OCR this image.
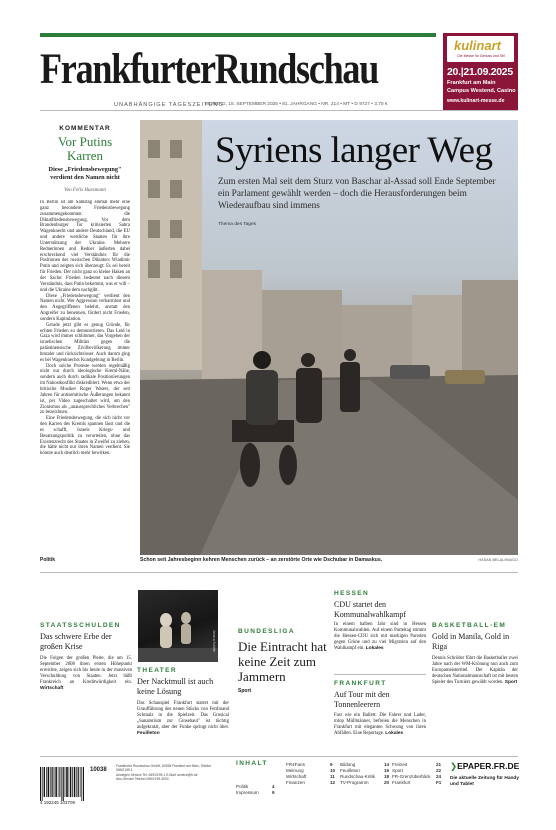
FrankfurterRundschau
UNABHÄNGIGE TAGESZEITUNG
MONTAG, 15. SEPTEMBER 2025 • 81. JAHRGANG • NR. 214 • MT • D 9727 • 3,70 €
kulinart
Die Messe für Genuss und Stil
20.|21.09.2025
Frankfurt am Main
Campus Westend, Casino
www.kulinart-messe.de
KOMMENTAR
Vor Putins Karren
Diese „Friedensbewegung" verdient den Namen nicht
Von Felix Huesmann

In Berlin ist am Samstag einmal mehr eine ganz besondere Friedensbewegung zusammengekommen: die Diktatfriedensbewegung. Vor dem Brandenburger Tor kritisierten Sahra Wagenknecht und andere Deutschland, die EU und andere westliche Staaten für ihre Unterstützung der Ukraine. Mehrere Rednerinnen und Redner äußerten dabei erschreckend viel Verständnis für die Positionen des russischen Diktators Wladimir Putin und zeigten sich überzeugt: Es sei bereit für Frieden. Der nicht ganz so kleine Haken an der Sache: Frieden bedeutet nach diesem Verständnis, dass Putin bekommt, was er will – und die Ukraine dem nachgibt.

Diese „Friedensbewegung" verdient den Namen nicht. Wer Aggression verharmlost und den Angegriffenen belehrt, anstatt den Angreifer zu benennen, fördert nicht Frieden, sondern Kapitulation.

Gerade jetzt gibt es genug Gründe, für echten Frieden zu demonstrieren. Das Leid in Gaza wird immer schlimmer, das Vorgehen der israelischen Militärs gegen die palästinensische Zivilbevölkerung immer brutaler und rücksichtsloser. Auch darum ging es bei Wagenknechts Kundgebung in Berlin.

Doch solche Proteste werden regelmäßig nicht nur durch ideologische Kreml-Nähe, sondern auch durch radikale Positionierungen im Nahostkonflikt diskreditiert. Wenn etwa der britische Musiker Roger Waters, der seit Jahren für antisemitische Äußerungen bekannt ist, per Video zugeschaltet wird, um den Zionismus als „unaussprechliches Verbrechen" zu bezeichnen.

Eine Friedensbewegung, die sich nicht vor den Karren des Kremls spannen lässt und die es schafft, Israels Kriegs- und Besatzungspolitik zu verurteilen, ohne das Existenzrecht des Staates in Zweifel zu ziehen, die hätte nicht nur ihren Namen verdient. Sie könnte auch deutlich mehr bewirken.

Politik
Syriens langer Weg
Zum ersten Mal seit dem Sturz von Baschar al-Assad soll Ende September ein Parlament gewählt werden – doch die Herausforderungen beim Wiederaufbau sind immens
Thema des Tages
Schon seit Jahresbeginn kehren Menschen zurück – an zerstörte Orte wie Dschubar in Damaskus.	HASAN BELAL/IMAGO
STAATSSCHULDEN
Das schwere Erbe der großen Krise
Die Folgen der großen Pleite, die am 15. September 2008 ihren ersten Höhepunkt erreichte, zeigen sich bis heute in der massiven Verschuldung von Staaten. Jetzt büßt Frankreich an Kreditwürdigkeit ein. Wirtschaft
Jessica Schäfer
THEATER
Der Nacktmull ist auch keine Lösung
Das Schauspiel Frankfurt startet mit der Uraufführung des neuen Stücks von Ferdinand Schmalz in die Spielzeit. Das Grusical „Sanatorium zur Ginsehaut" ist tüchtig aufgekratzt, aber der Funke springt nicht über. Feuilleton
BUNDESLIGA
Die Eintracht hat keine Zeit zum Jammern
Sport
HESSEN
CDU startet den Kommunalwahlkampf
In einem halben Jahr sind in Hessen Kommunalwahlen. Auf einem Parteitag stimmt die Hessen-CDU sich mit markigen Paroden gegen Grüne und zu viel Migration auf den Wahlkampf ein. Lokales
FRANKFURT
Auf Tour mit den Tonnenleerern
Fast wie ein Ballett: Die Fahrer und Lader, mlop Müllmänner, befreien die Menschen in Frankfurt mit eleganten Schwung von ihren Abfällen. Eine Reportage. Lokales
BASKETBALL-EM
Gold in Manila, Gold in Riga
Dennis Schröder führt die Basketballer zwei Jahre nach der WM-Krönung nun auch zum Europameistertitel. Der Kapitän der deutschen Nationalmannschaft ist mit besten Spieler des Turniers gewählt worden. Sport
4 192245 103709
10038
Frankfurter Rundschau GmbH, 60268 Frankfurt am Main, Telefon 069/2199-1
Anzeigen Service Tel. 069/2199-1 E-Mail: service@fr.de
Abo-Service Telefon 069/2199-3000
INHALT
Politik	4
Impressum	9
FR4Fans	9
Meinung	10
Wirtschaft	11
Finanzen	12
Bildung	14
Feuilleton	15
Rundschau-Kritik 18
TV-Programm	20
Freizeit	21
Sport	22
FR-Grenzüberblick 24
Frankfurt	F1
❯EPAPER.FR.DE
Die aktuelle Zeitung für Handy und Tablet
